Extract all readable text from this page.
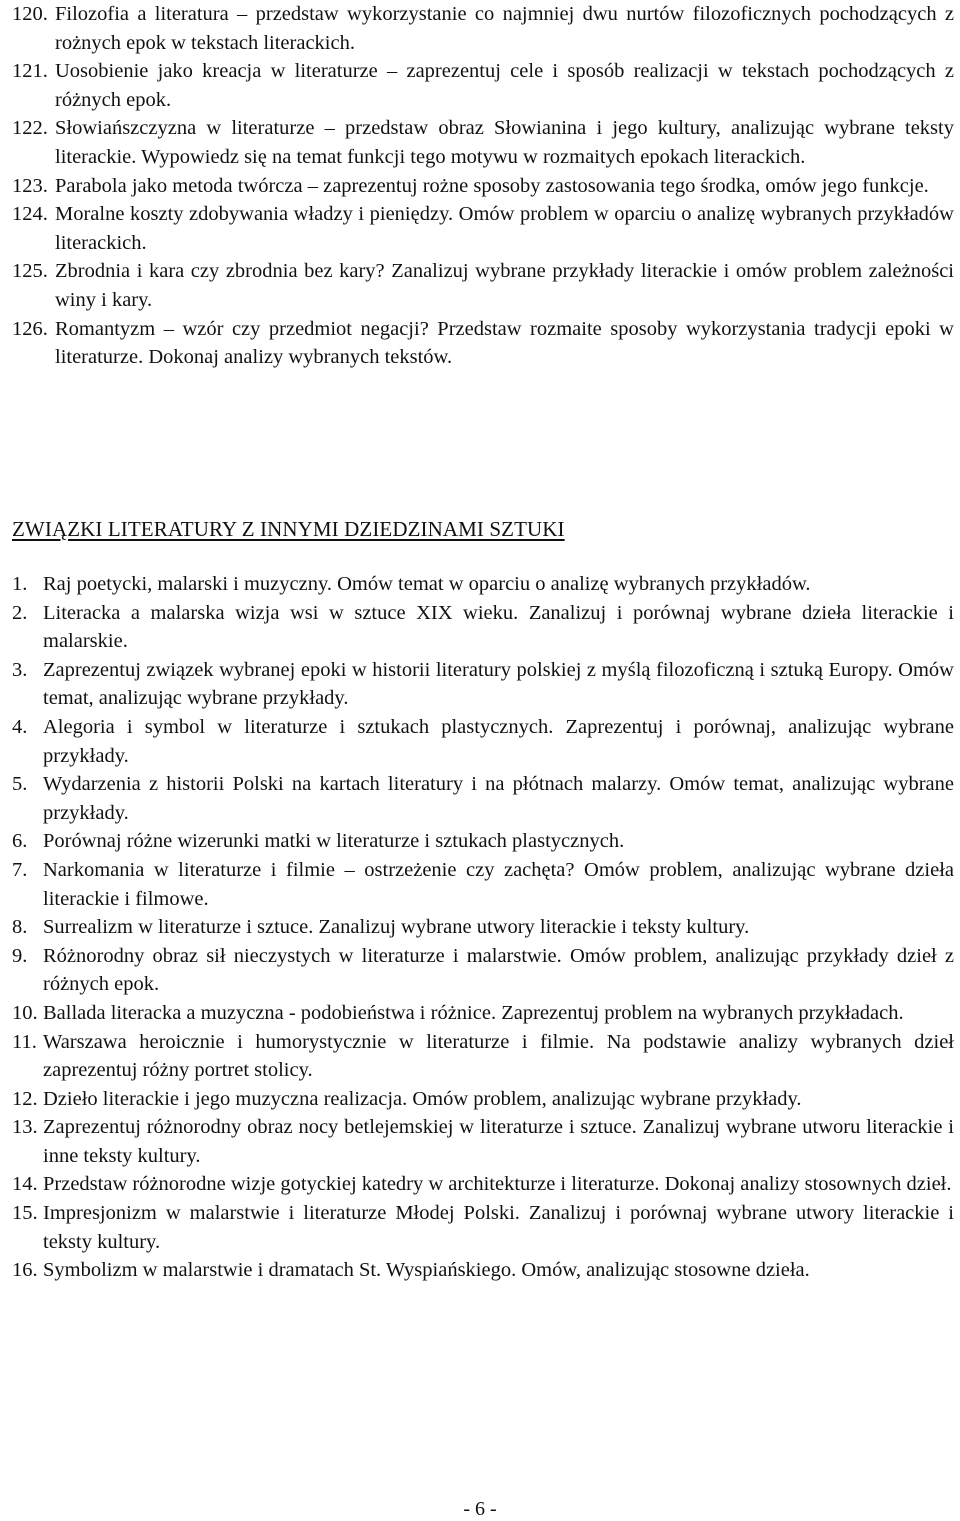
120. Filozofia a literatura – przedstaw wykorzystanie co najmniej dwu nurtów filozoficznych pochodzących z rożnych epok w tekstach literackich.
121. Uosobienie jako kreacja w literaturze – zaprezentuj cele i sposób realizacji w tekstach pochodzących z różnych epok.
122. Słowiańszczyzna w literaturze – przedstaw obraz Słowianina i jego kultury, analizując wybrane teksty literackie. Wypowiedz się na temat funkcji tego motywu w rozmaitych epokach literackich.
123. Parabola jako metoda twórcza – zaprezentuj rożne sposoby zastosowania tego środka, omów jego funkcje.
124. Moralne koszty zdobywania władzy i pieniędzy. Omów problem w oparciu o analizę wybranych przykładów literackich.
125. Zbrodnia i kara czy zbrodnia bez kary? Zanalizuj wybrane przykłady literackie i omów problem zależności winy i kary.
126. Romantyzm – wzór czy przedmiot negacji? Przedstaw rozmaite sposoby wykorzystania tradycji epoki w literaturze. Dokonaj analizy wybranych tekstów.
ZWIĄZKI LITERATURY Z INNYMI DZIEDZINAMI SZTUKI
1. Raj poetycki, malarski i muzyczny. Omów temat w oparciu o analizę wybranych przykładów.
2. Literacka a malarska wizja wsi w sztuce XIX wieku. Zanalizuj i porównaj wybrane dzieła literackie i malarskie.
3. Zaprezentuj związek wybranej epoki w historii literatury polskiej z myślą filozoficzną i sztuką Europy. Omów temat, analizując wybrane przykłady.
4. Alegoria i symbol w literaturze i sztukach plastycznych. Zaprezentuj i porównaj, analizując wybrane przykłady.
5. Wydarzenia z historii Polski na kartach literatury i na płótnach malarzy. Omów temat, analizując wybrane przykłady.
6. Porównaj różne wizerunki matki w literaturze i sztukach plastycznych.
7. Narkomania w literaturze i filmie – ostrzeżenie czy zachęta? Omów problem, analizując wybrane dzieła literackie i filmowe.
8. Surrealizm w literaturze i sztuce. Zanalizuj wybrane utwory literackie i teksty kultury.
9. Różnorodny obraz sił nieczystych w literaturze i malarstwie. Omów problem, analizując przykłady dzieł z różnych epok.
10. Ballada literacka a muzyczna - podobieństwa i różnice. Zaprezentuj problem na wybranych przykładach.
11. Warszawa heroicznie i humorystycznie w literaturze i filmie. Na podstawie analizy wybranych dzieł zaprezentuj różny portret stolicy.
12. Dzieło literackie i jego muzyczna realizacja. Omów problem, analizując wybrane przykłady.
13. Zaprezentuj różnorodny obraz nocy betlejemskiej w literaturze i sztuce. Zanalizuj wybrane utworu literackie i inne teksty kultury.
14. Przedstaw różnorodne wizje gotyckiej katedry w architekturze i literaturze. Dokonaj analizy stosownych dzieł.
15. Impresjonizm w malarstwie i literaturze Młodej Polski. Zanalizuj i porównaj wybrane utwory literackie i teksty kultury.
16. Symbolizm w malarstwie i dramatach St. Wyspiańskiego. Omów, analizując stosowne dzieła.
- 6 -
